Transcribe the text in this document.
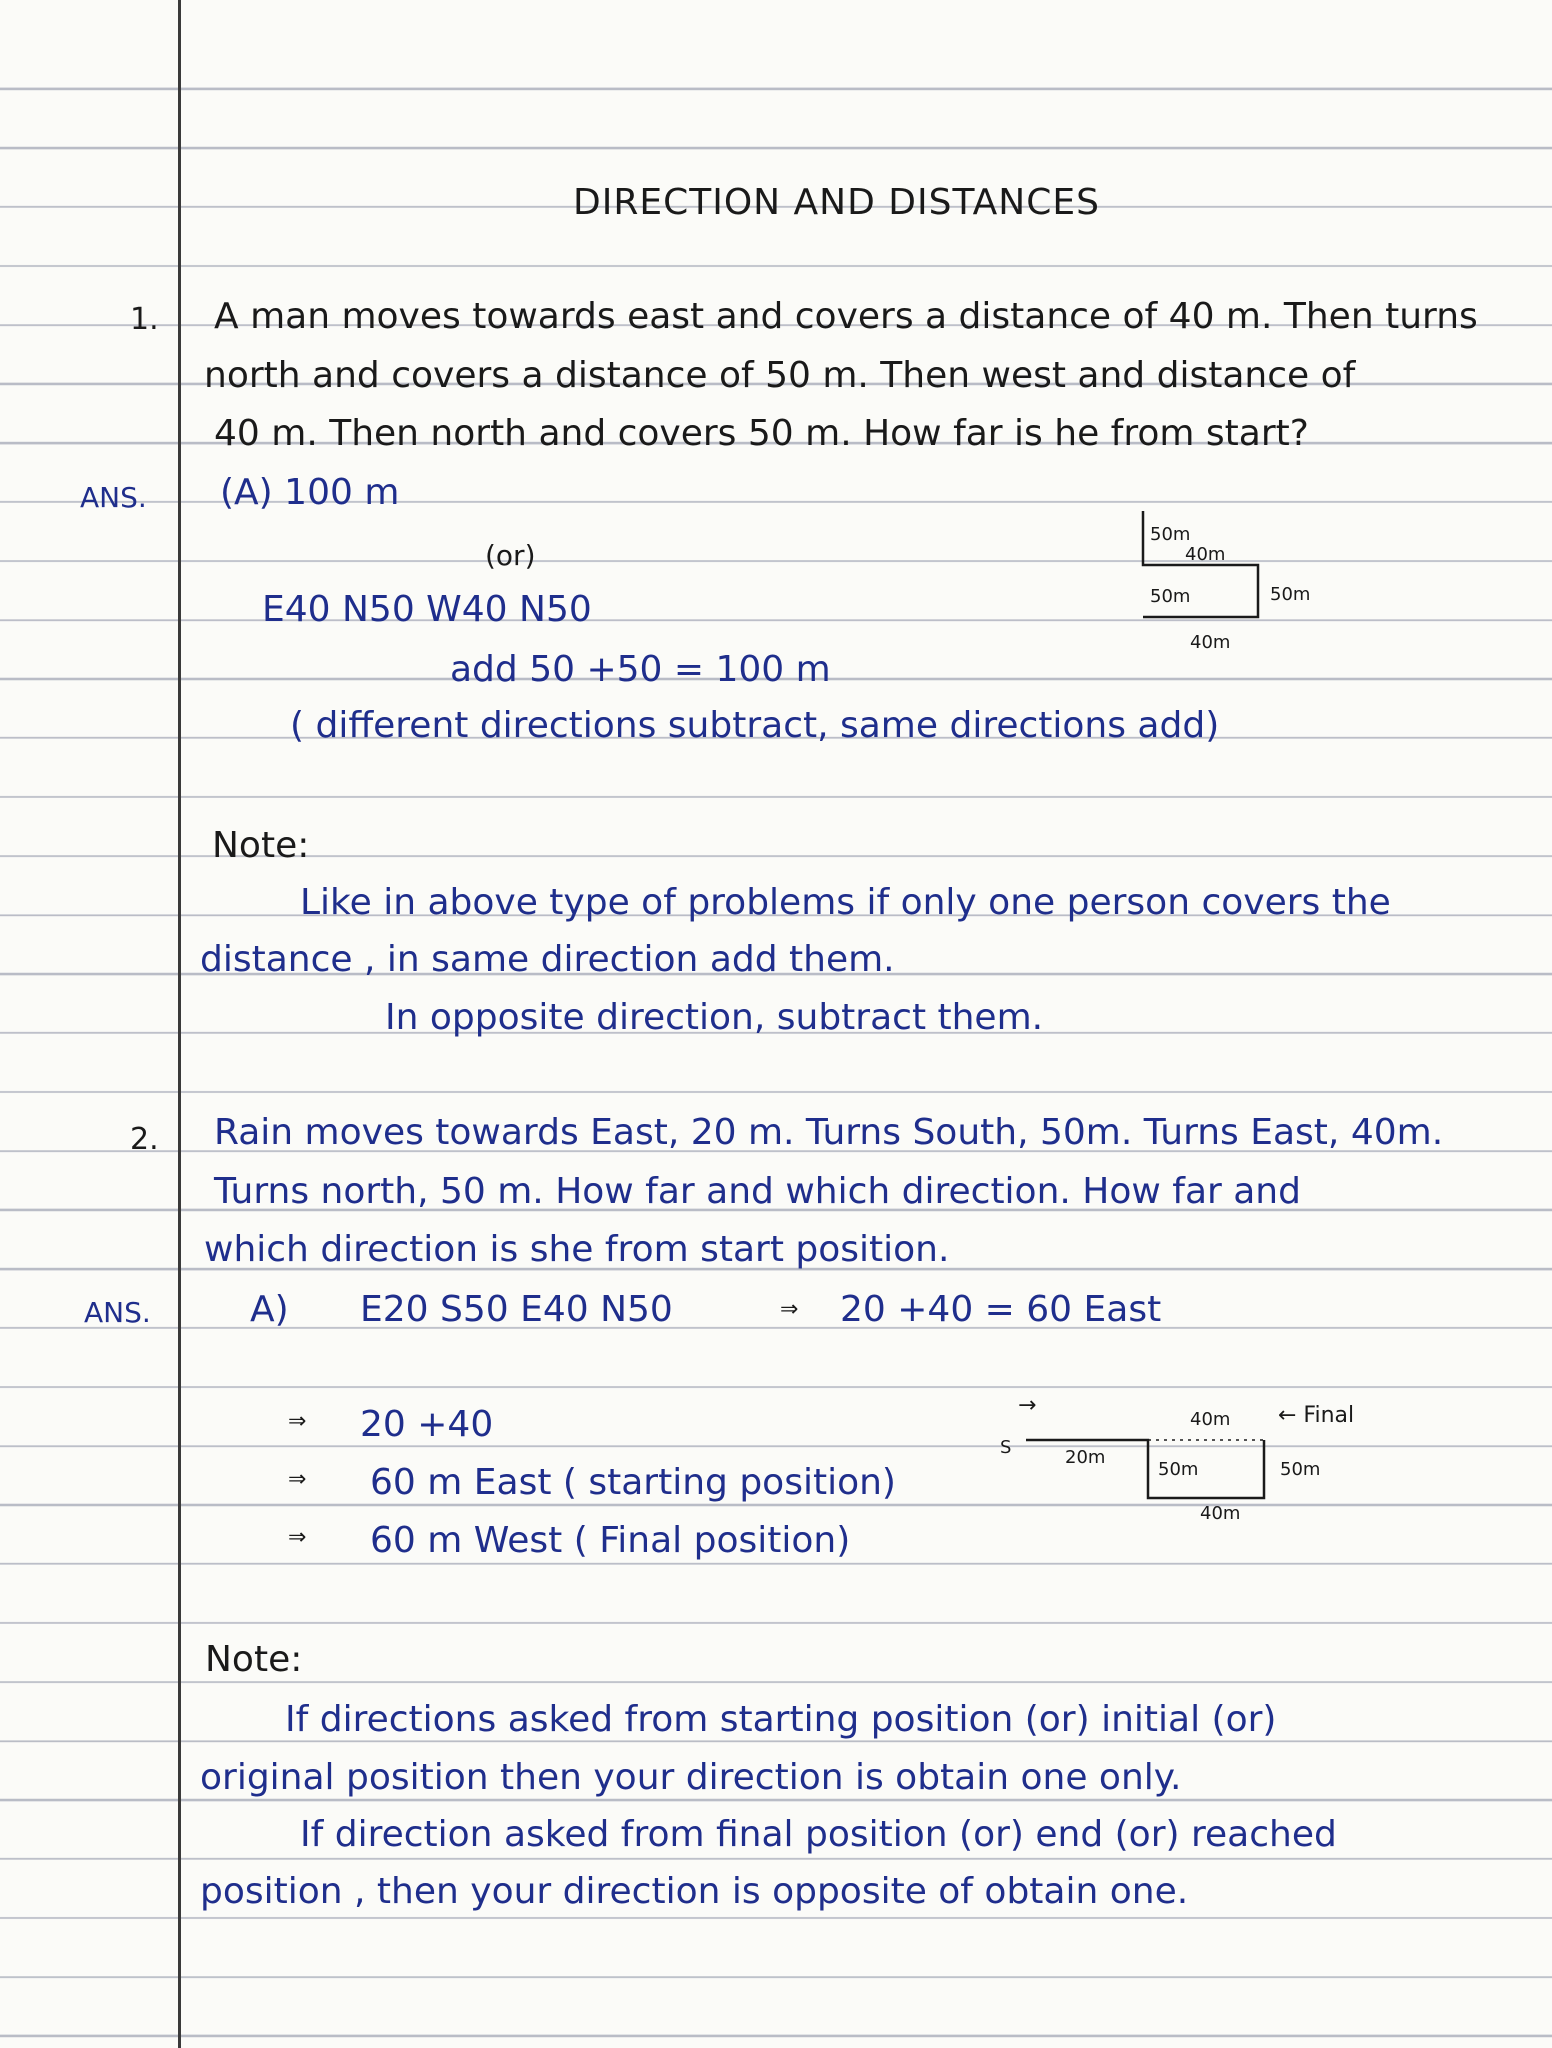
DIRECTION AND DISTANCES
1. A man moves towards east and covers a distance of 40 m. Then turns
north and covers a distance of 50 m. Then west and distance of
40 m. Then north and covers 50 m. How far is he from start?
ANS. (A) 100 m
(or)
E40 N50 W40 N50
add 50 +50 = 100 m
( different directions subtract, same directions add)
50m
40m
50m	50m
40m
Note:
Like in above type of problems if only one person covers the
distance , in same direction add them.
In opposite direction, subtract them.
2. Rain moves towards East, 20 m. Turns South, 50m. Turns East, 40m.
Turns north, 50 m. How far and which direction. How far and
which direction is she from start position.
ANS.	A) E20 S50 E40 N50	⇒ 20 +40 = 60 East
⇒ 20 +40
⇒ 60 m East ( starting position)
⇒ 60 m West ( Final position)
→
S	20m
40m ← Final
50m	50m
40m
Note:
If directions asked from starting position (or) initial (or)
original position then your direction is obtain one only.
If direction asked from final position (or) end (or) reached
position , then your direction is opposite of obtain one.
